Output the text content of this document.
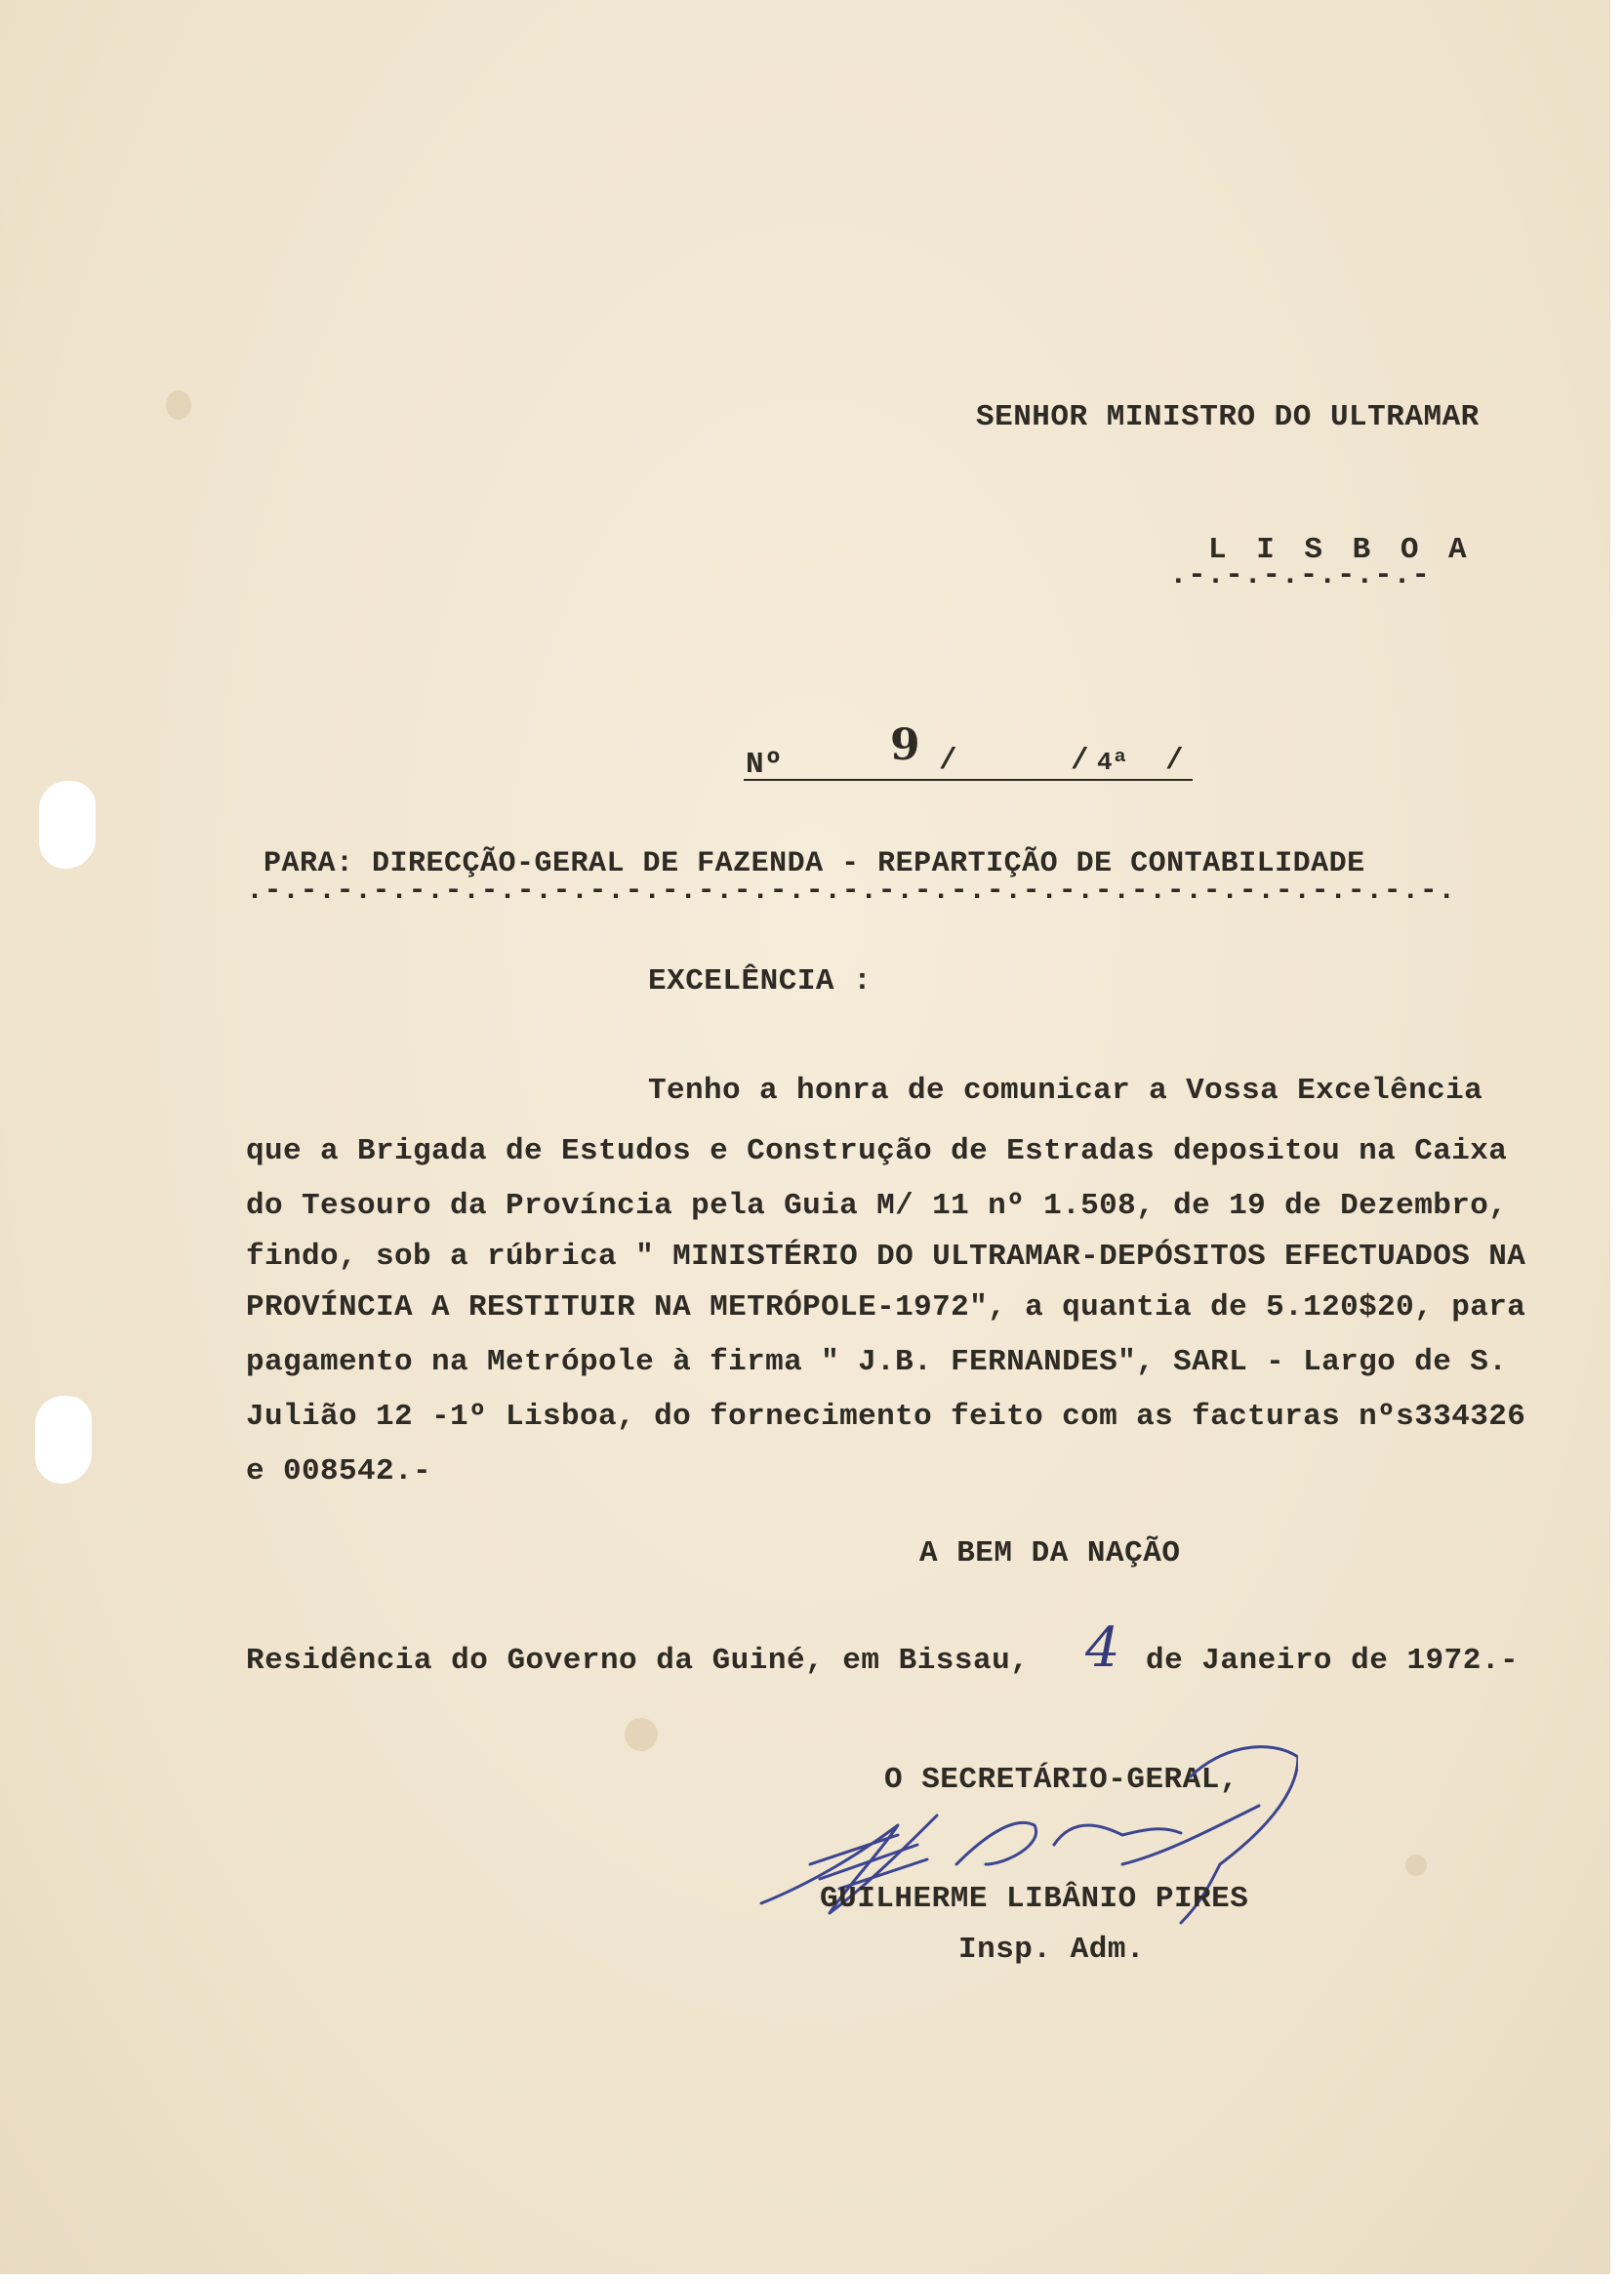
SENHOR MINISTRO DO ULTRAMAR
L I S B O A
.-.-.-.-.-.-.-
Nº 9 /	/ 4ª /
PARA: DIRECÇÃO-GERAL DE FAZENDA - REPARTIÇÃO DE CONTABILIDADE
.-.-.-.-.-.-.-.-.-.-.-.-.-.-.-.-.-.-.-.-.-.-.-.-.-.-.-.-.-.-.-.-.-.
EXCELÊNCIA :
Tenho a honra de comunicar a Vossa Excelência
que a Brigada de Estudos e Construção de Estradas depositou na Caixa
do Tesouro da Província pela Guia M/ 11 nº 1.508, de 19 de Dezembro,
findo, sob a rúbrica " MINISTÉRIO DO ULTRAMAR-DEPÓSITOS EFECTUADOS NA
PROVÍNCIA A RESTITUIR NA METRÓPOLE-1972", a quantia de 5.120$20, para
pagamento na Metrópole à firma " J.B. FERNANDES", SARL - Largo de S.
Julião 12 -1º Lisboa, do fornecimento feito com as facturas nºs334326
e 008542.-
A BEM DA NAÇÃO
Residência do Governo da Guiné, em Bissau, 4 de Janeiro de 1972.-
O SECRETÁRIO-GERAL,
GUILHERME LIBÂNIO PIRES
Insp. Adm.
